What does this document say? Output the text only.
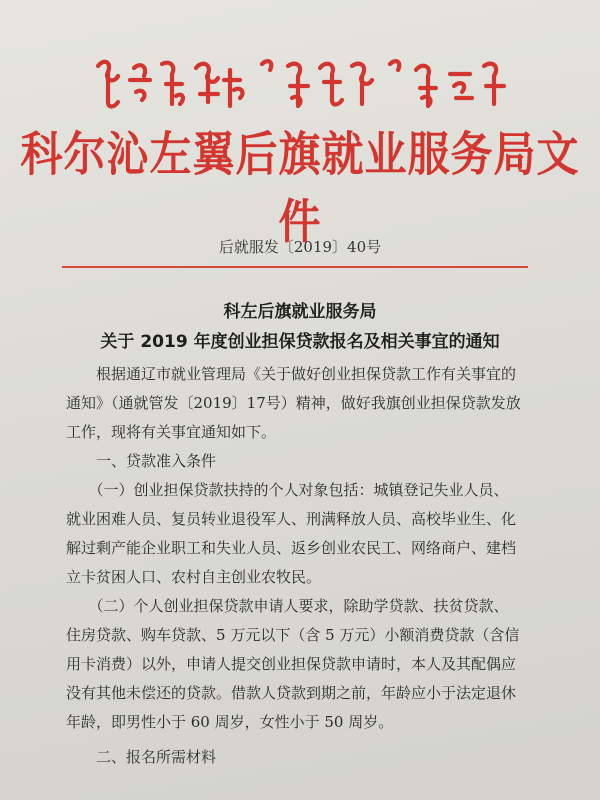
科尔沁左翼后旗就业服务局文件
后就服发〔2019〕40号
科左后旗就业服务局
关于 2019 年度创业担保贷款报名及相关事宜的通知
　　根据通辽市就业管理局《关于做好创业担保贷款工作有关事宜的
通知》（通就管发〔2019〕17号）精神，做好我旗创业担保贷款发放
工作，现将有关事宜通知如下。
　　一、贷款准入条件
　　（一）创业担保贷款扶持的个人对象包括：城镇登记失业人员、
就业困难人员、复员转业退役军人、刑满释放人员、高校毕业生、化
解过剩产能企业职工和失业人员、返乡创业农民工、网络商户、建档
立卡贫困人口、农村自主创业农牧民。
　　（二）个人创业担保贷款申请人要求，除助学贷款、扶贫贷款、
住房贷款、购车贷款、5 万元以下（含 5 万元）小额消费贷款（含信
用卡消费）以外，申请人提交创业担保贷款申请时，本人及其配偶应
没有其他未偿还的贷款。借款人贷款到期之前，年龄应小于法定退休
年龄，即男性小于 60 周岁，女性小于 50 周岁。
　　二、报名所需材料
